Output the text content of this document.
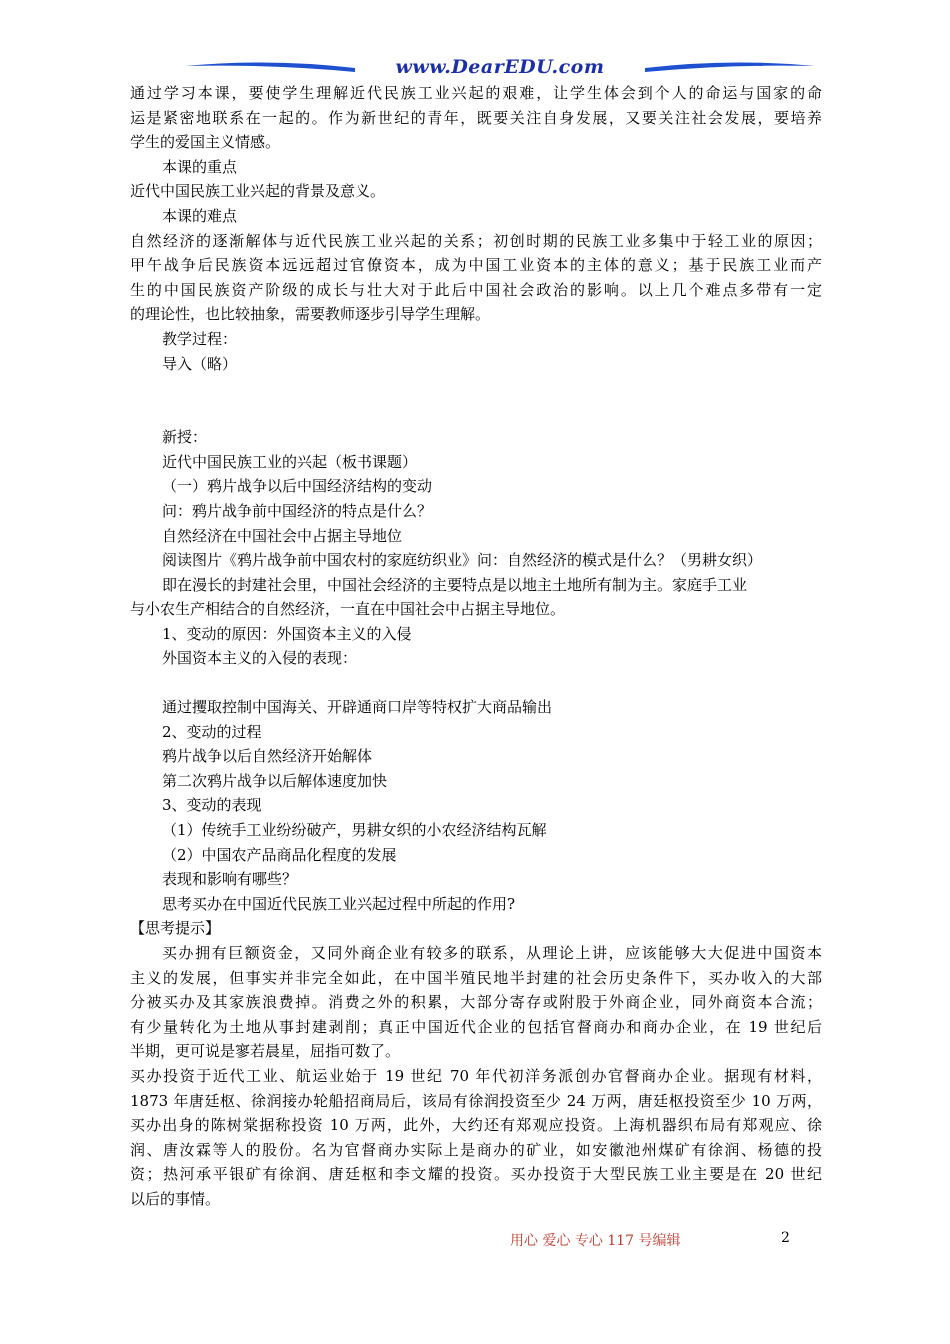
www.DearEDU.com
通过学习本课，要使学生理解近代民族工业兴起的艰难，让学生体会到个人的命运与国家的命
运是紧密地联系在一起的。作为新世纪的青年，既要关注自身发展，又要关注社会发展，要培养
学生的爱国主义情感。
本课的重点
近代中国民族工业兴起的背景及意义。
本课的难点
自然经济的逐渐解体与近代民族工业兴起的关系；初创时期的民族工业多集中于轻工业的原因；
甲午战争后民族资本远远超过官僚资本，成为中国工业资本的主体的意义；基于民族工业而产
生的中国民族资产阶级的成长与壮大对于此后中国社会政治的影响。以上几个难点多带有一定
的理论性，也比较抽象，需要教师逐步引导学生理解。
教学过程：
导入（略）
新授：
近代中国民族工业的兴起（板书课题）
（一）鸦片战争以后中国经济结构的变动
问：鸦片战争前中国经济的特点是什么？
自然经济在中国社会中占据主导地位
阅读图片《鸦片战争前中国农村的家庭纺织业》问：自然经济的模式是什么？（男耕女织）
即在漫长的封建社会里，中国社会经济的主要特点是以地主土地所有制为主。家庭手工业
与小农生产相结合的自然经济，一直在中国社会中占据主导地位。
1、变动的原因：外国资本主义的入侵
外国资本主义的入侵的表现：
通过攫取控制中国海关、开辟通商口岸等特权扩大商品输出
2、变动的过程
鸦片战争以后自然经济开始解体
第二次鸦片战争以后解体速度加快
3、变动的表现
（1）传统手工业纷纷破产，男耕女织的小农经济结构瓦解
（2）中国农产品商品化程度的发展
表现和影响有哪些？
思考买办在中国近代民族工业兴起过程中所起的作用?
【思考提示】
买办拥有巨额资金，又同外商企业有较多的联系，从理论上讲，应该能够大大促进中国资本
主义的发展，但事实并非完全如此，在中国半殖民地半封建的社会历史条件下，买办收入的大部
分被买办及其家族浪费掉。消费之外的积累，大部分寄存或附股于外商企业，同外商资本合流；
有少量转化为土地从事封建剥削；真正中国近代企业的包括官督商办和商办企业，在 19 世纪后
半期，更可说是寥若晨星，屈指可数了。
买办投资于近代工业、航运业始于 19 世纪 70 年代初洋务派创办官督商办企业。据现有材料，
1873 年唐廷枢、徐润接办轮船招商局后，该局有徐润投资至少 24 万两，唐廷枢投资至少 10 万两，
买办出身的陈树棠据称投资 10 万两，此外，大约还有郑观应投资。上海机器织布局有郑观应、徐
润、唐汝霖等人的股份。名为官督商办实际上是商办的矿业，如安徽池州煤矿有徐润、杨德的投
资；热河承平银矿有徐润、唐廷枢和李文耀的投资。买办投资于大型民族工业主要是在 20 世纪
以后的事情。
用心 爱心 专心 117 号编辑	2
